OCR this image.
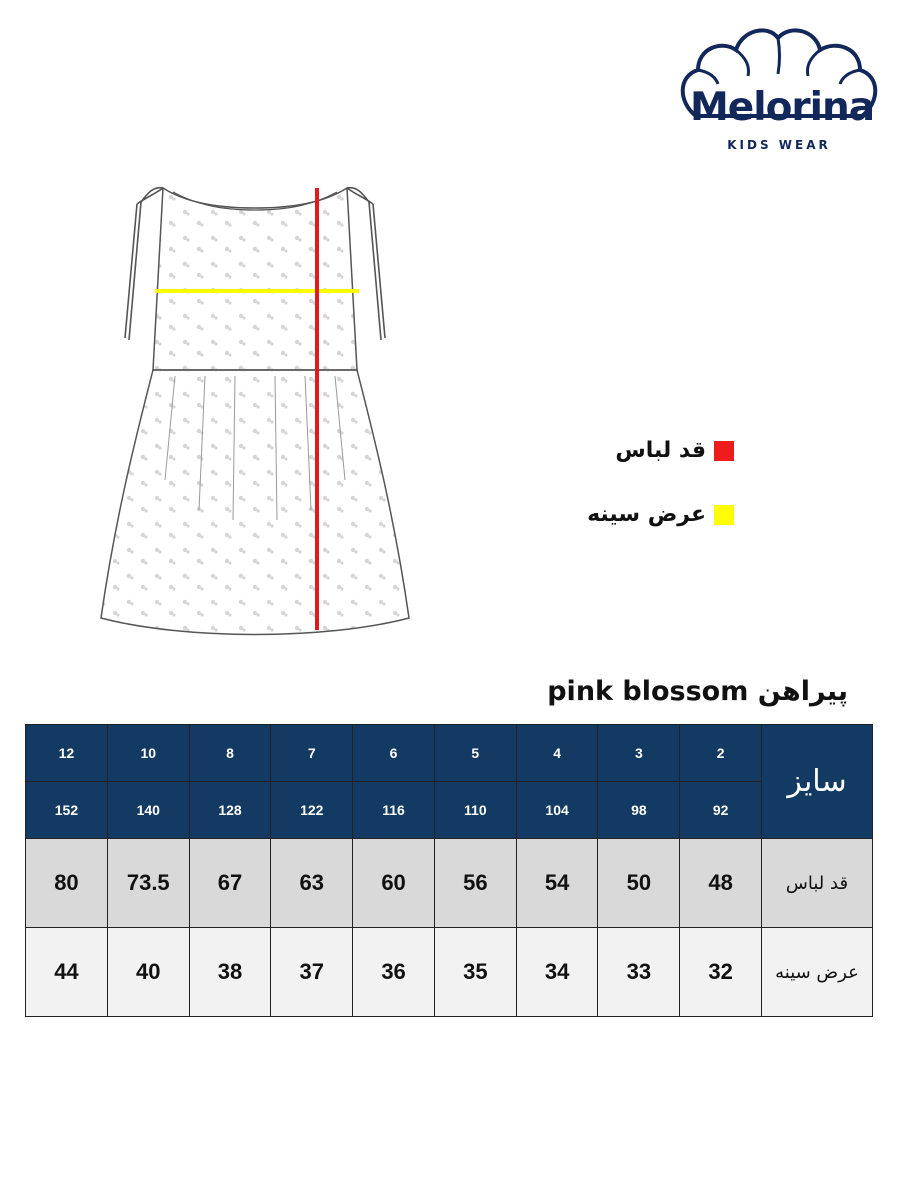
Melorina
KIDS WEAR
قد لباس
عرض سینه
پیراهن pink blossom
سایز	2	3	4	5	6	7	8	10	12
	92	98	104	110	116	122	128	140	152
قد لباس	48	50	54	56	60	63	67	73.5	80
عرض سینه	32	33	34	35	36	37	38	40	44
